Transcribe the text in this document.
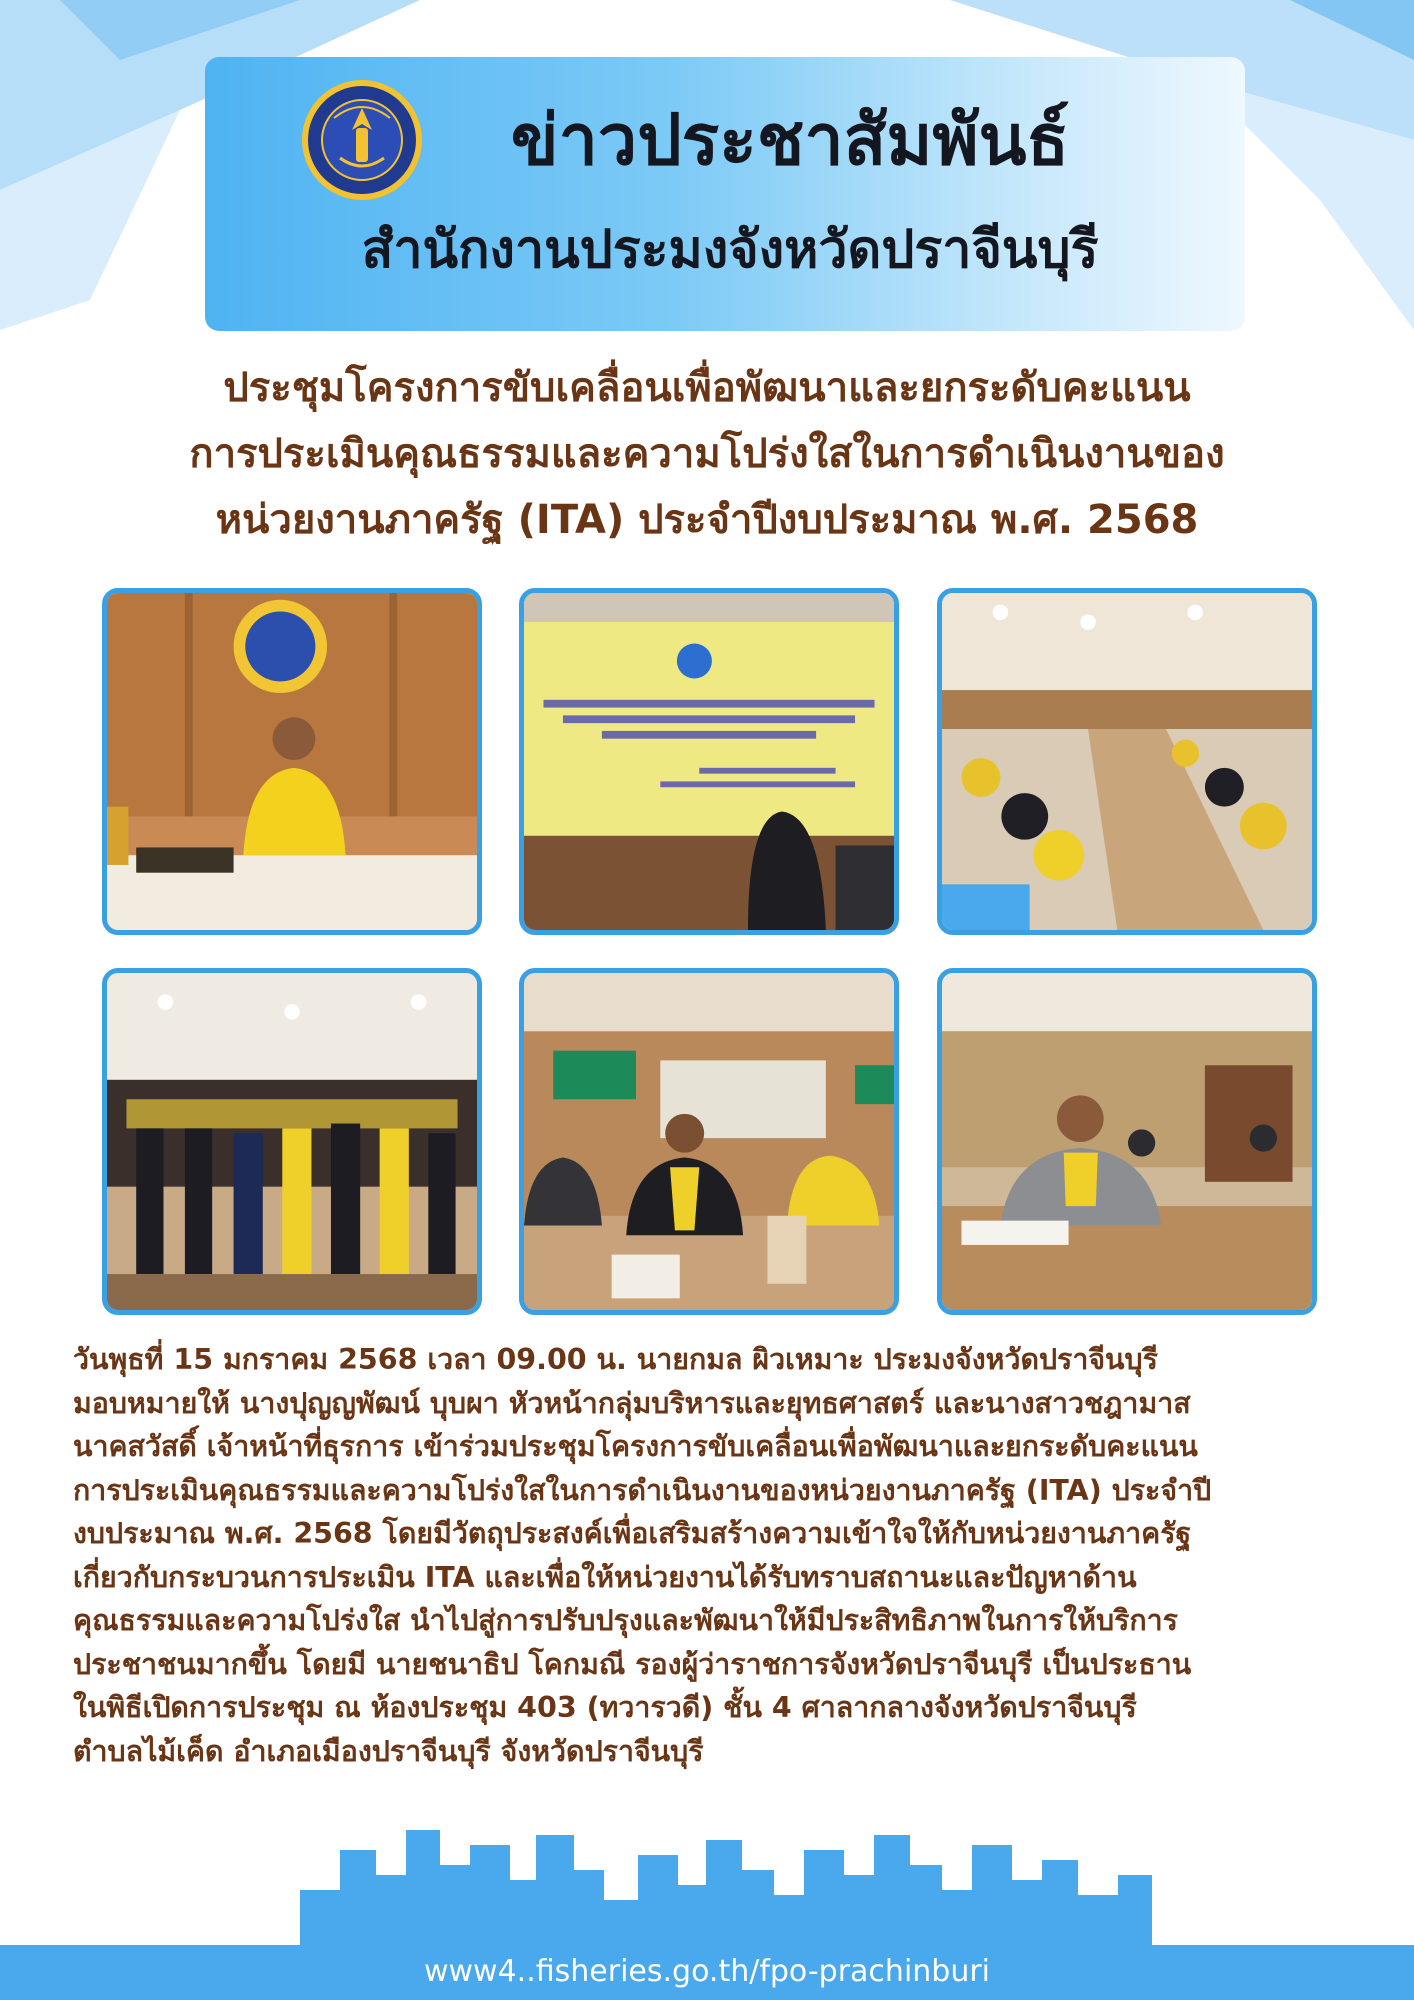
ข่าวประชาสัมพันธ์
สำนักงานประมงจังหวัดปราจีนบุรี
ประชุมโครงการขับเคลื่อนเพื่อพัฒนาและยกระดับคะแนน
การประเมินคุณธรรมและความโปร่งใสในการดำเนินงานของ
หน่วยงานภาครัฐ (ITA) ประจำปีงบประมาณ พ.ศ. 2568
วันพุธที่ 15 มกราคม 2568 เวลา 09.00 น. นายกมล ผิวเหมาะ ประมงจังหวัดปราจีนบุรี
มอบหมายให้ นางปุญญพัฒน์ บุบผา หัวหน้ากลุ่มบริหารและยุทธศาสตร์ และนางสาวชฎามาส
นาคสวัสดิ์ เจ้าหน้าที่ธุรการ เข้าร่วมประชุมโครงการขับเคลื่อนเพื่อพัฒนาและยกระดับคะแนน
การประเมินคุณธรรมและความโปร่งใสในการดำเนินงานของหน่วยงานภาครัฐ (ITA) ประจำปี
งบประมาณ พ.ศ. 2568 โดยมีวัตถุประสงค์เพื่อเสริมสร้างความเข้าใจให้กับหน่วยงานภาครัฐ
เกี่ยวกับกระบวนการประเมิน ITA และเพื่อให้หน่วยงานได้รับทราบสถานะและปัญหาด้าน
คุณธรรมและความโปร่งใส นำไปสู่การปรับปรุงและพัฒนาให้มีประสิทธิภาพในการให้บริการ
ประชาชนมากขึ้น โดยมี นายชนาธิป โคกมณี รองผู้ว่าราชการจังหวัดปราจีนบุรี เป็นประธาน
ในพิธีเปิดการประชุม ณ ห้องประชุม 403 (ทวารวดี) ชั้น 4 ศาลากลางจังหวัดปราจีนบุรี
ตำบลไม้เค็ด อำเภอเมืองปราจีนบุรี จังหวัดปราจีนบุรี
www4..fisheries.go.th/fpo-prachinburi
